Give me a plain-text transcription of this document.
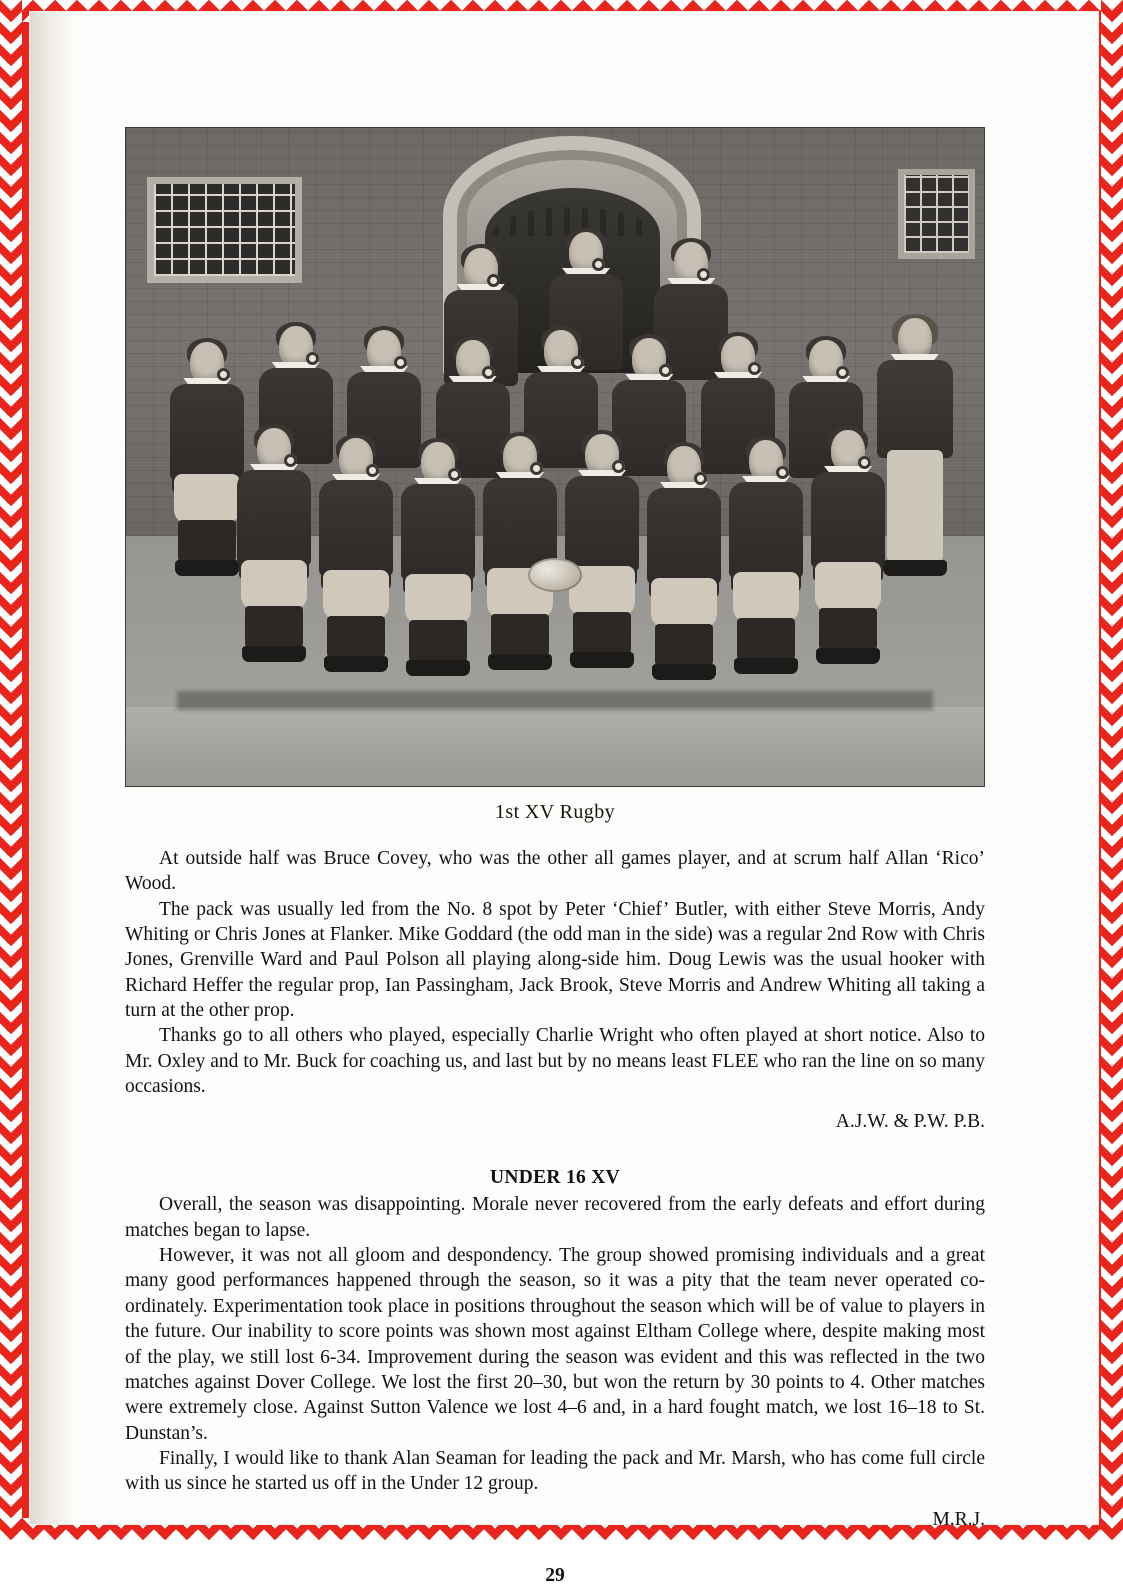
1st XV Rugby

At outside half was Bruce Covey, who was the other all games player, and at scrum half Allan ‘Rico’ Wood.

The pack was usually led from the No. 8 spot by Peter ‘Chief’ Butler, with either Steve Morris, Andy Whiting or Chris Jones at Flanker. Mike Goddard (the odd man in the side) was a regular 2nd Row with Chris Jones, Grenville Ward and Paul Polson all playing along-side him. Doug Lewis was the usual hooker with Richard Heffer the regular prop, Ian Passingham, Jack Brook, Steve Morris and Andrew Whiting all taking a turn at the other prop.

Thanks go to all others who played, especially Charlie Wright who often played at short notice. Also to Mr. Oxley and to Mr. Buck for coaching us, and last but by no means least FLEE who ran the line on so many occasions.

A.J.W. & P.W. P.B.
UNDER 16 XV

Overall, the season was disappointing. Morale never recovered from the early defeats and effort during matches began to lapse.

However, it was not all gloom and despondency. The group showed promising individuals and a great many good performances happened through the season, so it was a pity that the team never operated co-ordinately. Experimentation took place in positions throughout the season which will be of value to players in the future. Our inability to score points was shown most against Eltham College where, despite making most of the play, we still lost 6-34. Improvement during the season was evident and this was reflected in the two matches against Dover College. We lost the first 20–30, but won the return by 30 points to 4. Other matches were extremely close. Against Sutton Valence we lost 4–6 and, in a hard fought match, we lost 16–18 to St. Dunstan’s.

Finally, I would like to thank Alan Seaman for leading the pack and Mr. Marsh, who has come full circle with us since he started us off in the Under 12 group.

M.R.J.
29
